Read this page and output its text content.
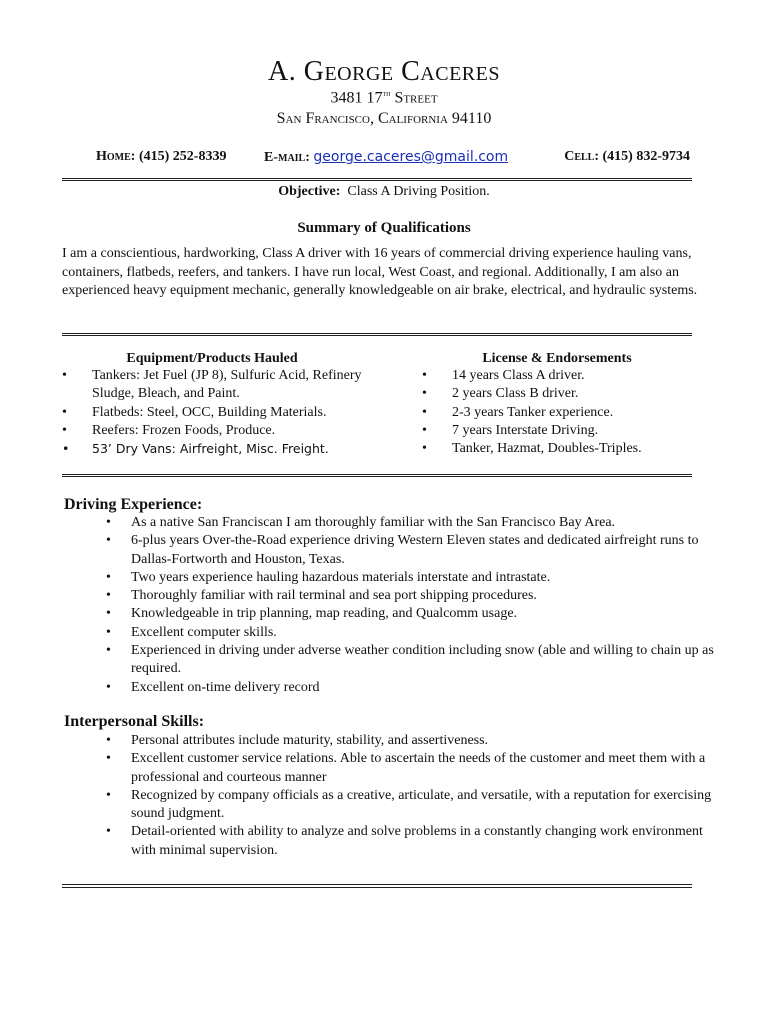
A. George Caceres
3481 17th Street
San Francisco, California 94110
Home: (415) 252-8339	E-mail: george.caceres@gmail.com	Cell: (415) 832-9734
Objective: Class A Driving Position.
Summary of Qualifications
I am a conscientious, hardworking, Class A driver with 16 years of commercial driving experience hauling vans, containers, flatbeds, reefers, and tankers. I have run local, West Coast, and regional. Additionally, I am also an experienced heavy equipment mechanic, generally knowledgeable on air brake, electrical, and hydraulic systems.
Equipment/Products Hauled
• Tankers: Jet Fuel (JP 8), Sulfuric Acid, Refinery Sludge, Bleach, and Paint.
• Flatbeds: Steel, OCC, Building Materials.
• Reefers: Frozen Foods, Produce.
• 53’ Dry Vans: Airfreight, Misc. Freight.
License & Endorsements
• 14 years Class A driver.
• 2 years Class B driver.
• 2-3 years Tanker experience.
• 7 years Interstate Driving.
• Tanker, Hazmat, Doubles-Triples.
Driving Experience:
• As a native San Franciscan I am thoroughly familiar with the San Francisco Bay Area.
• 6-plus years Over-the-Road experience driving Western Eleven states and dedicated airfreight runs to Dallas-Fortworth and Houston, Texas.
• Two years experience hauling hazardous materials interstate and intrastate.
• Thoroughly familiar with rail terminal and sea port shipping procedures.
• Knowledgeable in trip planning, map reading, and Qualcomm usage.
• Excellent computer skills.
• Experienced in driving under adverse weather condition including snow (able and willing to chain up as required.
• Excellent on-time delivery record
Interpersonal Skills:
• Personal attributes include maturity, stability, and assertiveness.
• Excellent customer service relations. Able to ascertain the needs of the customer and meet them with a professional and courteous manner
• Recognized by company officials as a creative, articulate, and versatile, with a reputation for exercising sound judgment.
• Detail-oriented with ability to analyze and solve problems in a constantly changing work environment with minimal supervision.
